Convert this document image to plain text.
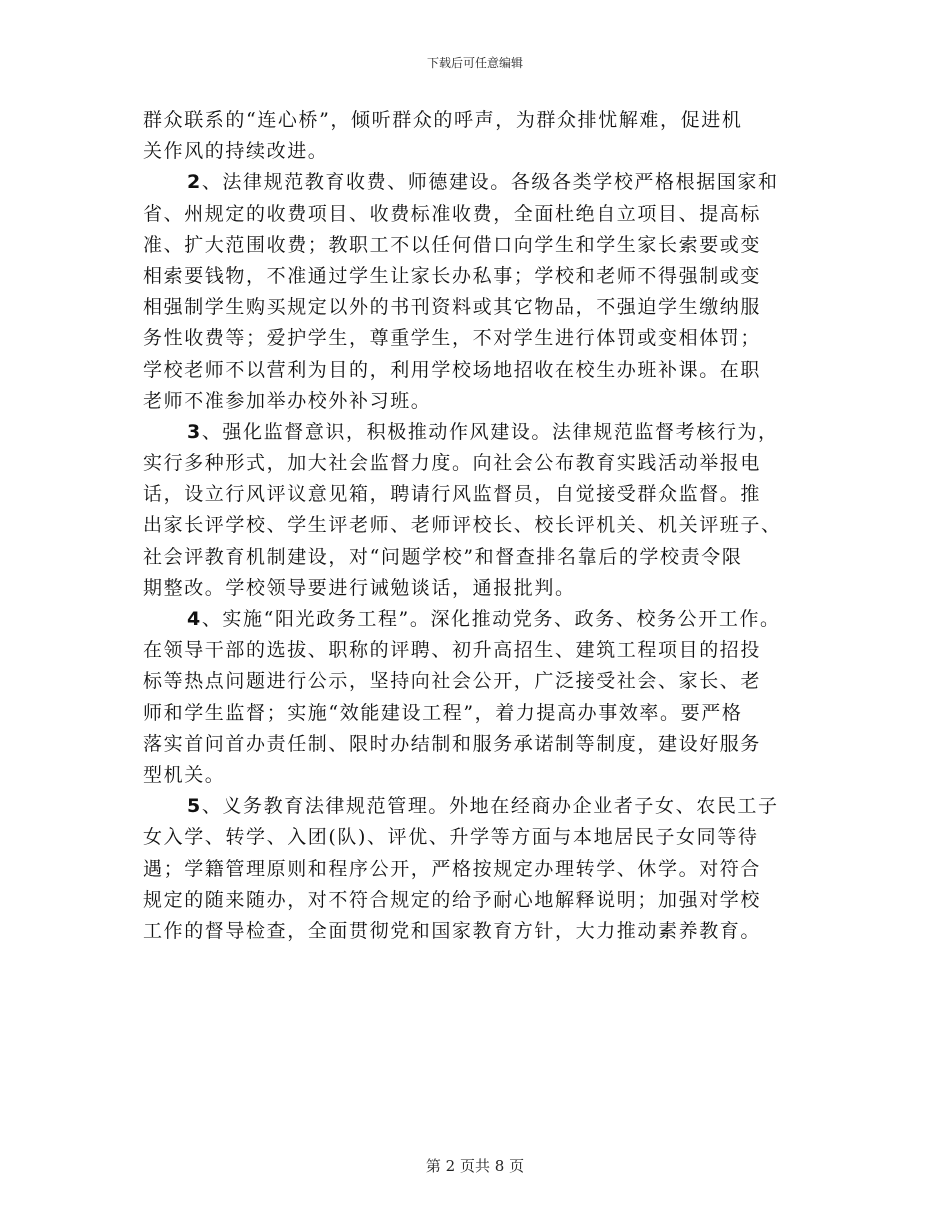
下载后可任意编辑
群众联系的“连心桥”，倾听群众的呼声，为群众排忧解难，促进机
关作风的持续改进。
2、法律规范教育收费、师德建设。各级各类学校严格根据国家和
省、州规定的收费项目、收费标准收费，全面杜绝自立项目、提高标
准、扩大范围收费；教职工不以任何借口向学生和学生家长索要或变
相索要钱物，不准通过学生让家长办私事；学校和老师不得强制或变
相强制学生购买规定以外的书刊资料或其它物品，不强迫学生缴纳服
务性收费等；爱护学生，尊重学生，不对学生进行体罚或变相体罚；
学校老师不以营利为目的，利用学校场地招收在校生办班补课。在职
老师不准参加举办校外补习班。
3、强化监督意识，积极推动作风建设。法律规范监督考核行为，
实行多种形式，加大社会监督力度。向社会公布教育实践活动举报电
话，设立行风评议意见箱，聘请行风监督员，自觉接受群众监督。推
出家长评学校、学生评老师、老师评校长、校长评机关、机关评班子、
社会评教育机制建设，对“问题学校”和督查排名靠后的学校责令限
期整改。学校领导要进行诫勉谈话，通报批判。
4、实施“阳光政务工程”。深化推动党务、政务、校务公开工作。
在领导干部的选拔、职称的评聘、初升高招生、建筑工程项目的招投
标等热点问题进行公示，坚持向社会公开，广泛接受社会、家长、老
师和学生监督；实施“效能建设工程”，着力提高办事效率。要严格
落实首问首办责任制、限时办结制和服务承诺制等制度，建设好服务
型机关。
5、义务教育法律规范管理。外地在经商办企业者子女、农民工子
女入学、转学、入团(队)、评优、升学等方面与本地居民子女同等待
遇；学籍管理原则和程序公开，严格按规定办理转学、休学。对符合
规定的随来随办，对不符合规定的给予耐心地解释说明；加强对学校
工作的督导检查，全面贯彻党和国家教育方针，大力推动素养教育。
第 2 页共 8 页
